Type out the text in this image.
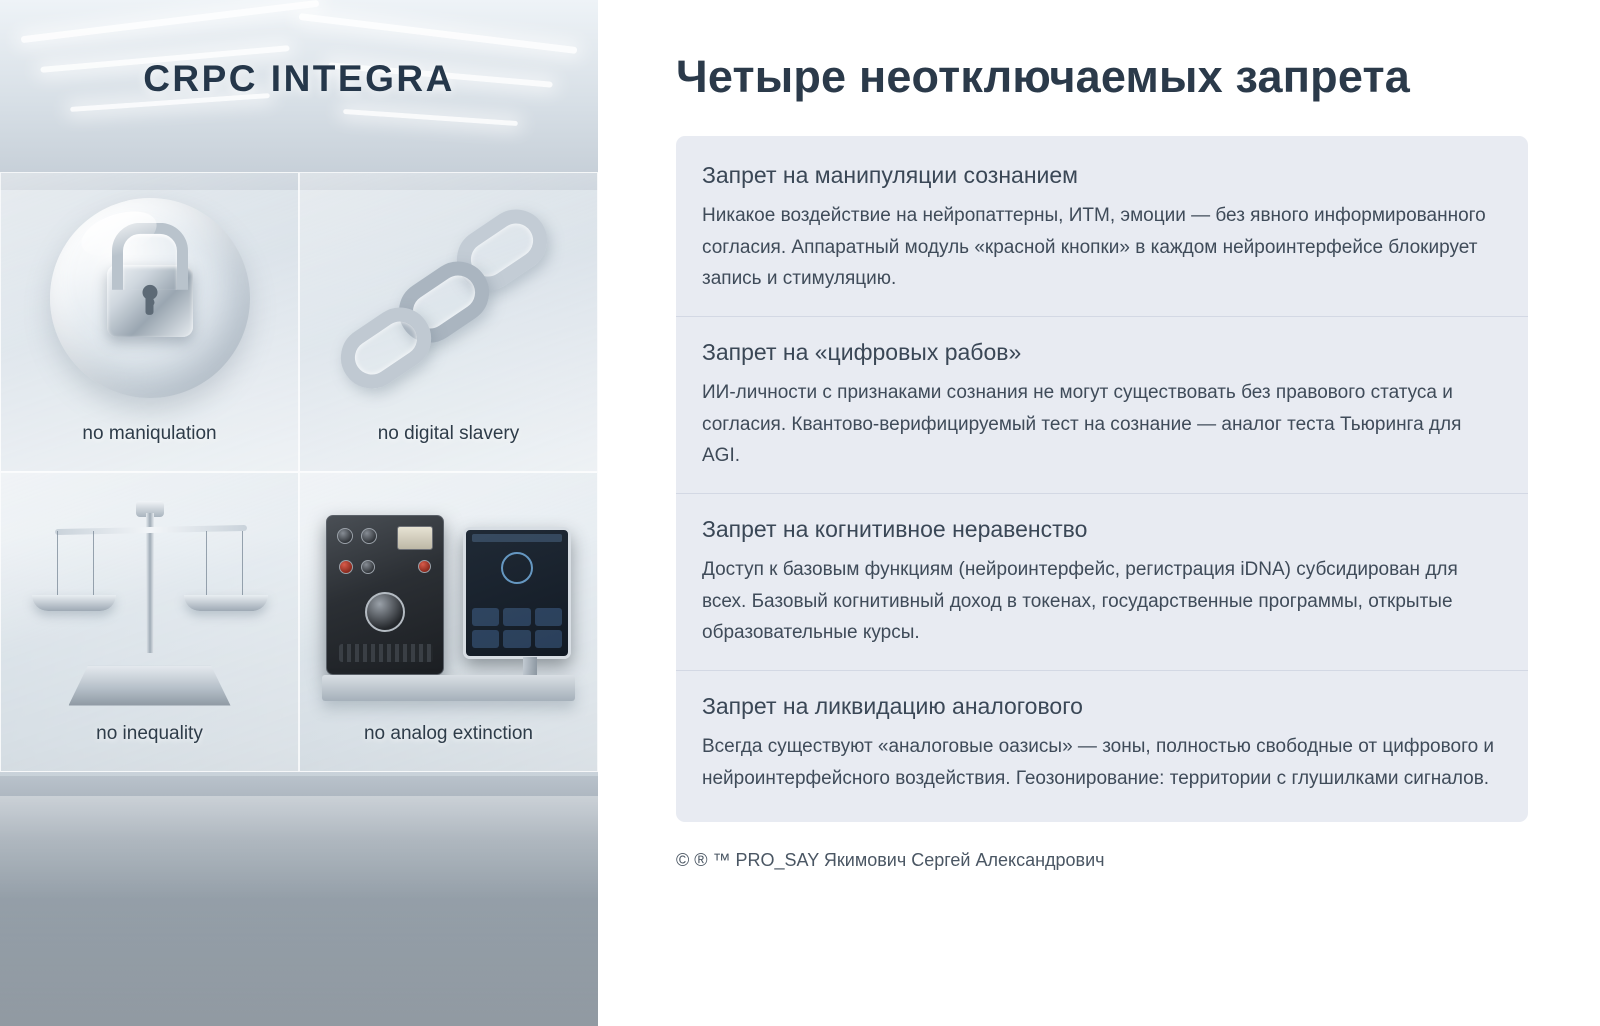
CRPC INTEGRA
no maniqulation	no digital slavery
no inequality	no analog extinction
Четыре неотключаемых запрета
Запрет на манипуляции сознанием
Никакое воздействие на нейропаттерны, ИТМ, эмоции — без явного информированного согласия. Аппаратный модуль «красной кнопки» в каждом нейроинтерфейсе блокирует запись и стимуляцию.
Запрет на «цифровых рабов»
ИИ-личности с признаками сознания не могут существовать без правового статуса и согласия. Квантово-верифицируемый тест на сознание — аналог теста Тьюринга для AGI.
Запрет на когнитивное неравенство
Доступ к базовым функциям (нейроинтерфейс, регистрация iDNA) субсидирован для всех. Базовый когнитивный доход в токенах, государственные программы, открытые образовательные курсы.
Запрет на ликвидацию аналогового
Всегда существуют «аналоговые оазисы» — зоны, полностью свободные от цифрового и нейроинтерфейсного воздействия. Геозонирование: территории с глушилками сигналов.
© ® ™ PRO_SAY Якимович Сергей Александрович
